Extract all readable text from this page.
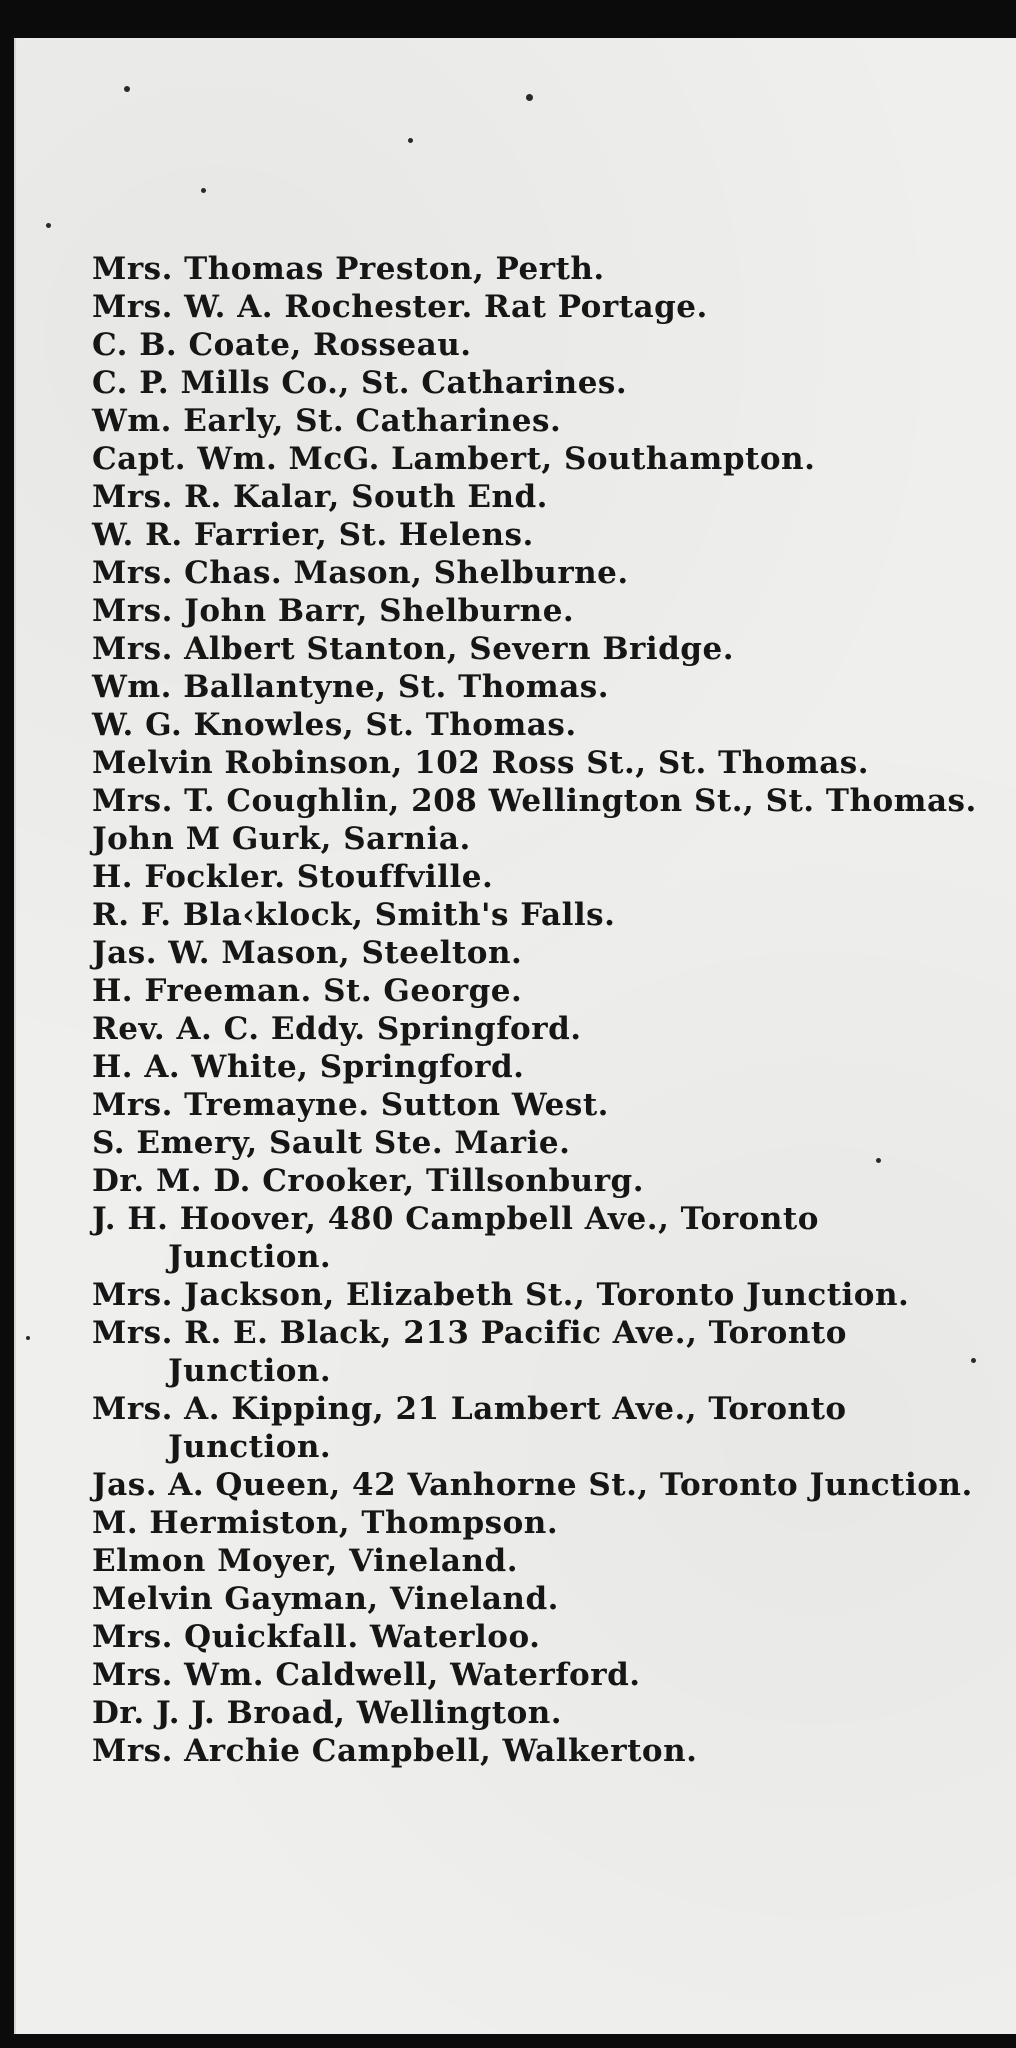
Mrs. Thomas Preston, Perth.
Mrs. W. A. Rochester. Rat Portage.
C. B. Coate, Rosseau.
C. P. Mills Co., St. Catharines.
Wm. Early, St. Catharines.
Capt. Wm. McG. Lambert, Southampton.
Mrs. R. Kalar, South End.
W. R. Farrier, St. Helens.
Mrs. Chas. Mason, Shelburne.
Mrs. John Barr, Shelburne.
Mrs. Albert Stanton, Severn Bridge.
Wm. Ballantyne, St. Thomas.
W. G. Knowles, St. Thomas.
Melvin Robinson, 102 Ross St., St. Thomas.
Mrs. T. Coughlin, 208 Wellington St., St. Thomas.
John M Gurk, Sarnia.
H. Fockler. Stouffville.
R. F. Bla‹klock, Smith's Falls.
Jas. W. Mason, Steelton.
H. Freeman. St. George.
Rev. A. C. Eddy. Springford.
H. A. White, Springford.
Mrs. Tremayne. Sutton West.
S. Emery, Sault Ste. Marie.
Dr. M. D. Crooker, Tillsonburg.
J. H. Hoover, 480 Campbell Ave., Toronto Junction.
Mrs. Jackson, Elizabeth St., Toronto Junction.
Mrs. R. E. Black, 213 Pacific Ave., Toronto Junction.
Mrs. A. Kipping, 21 Lambert Ave., Toronto Junction.
Jas. A. Queen, 42 Vanhorne St., Toronto Junction.
M. Hermiston, Thompson.
Elmon Moyer, Vineland.
Melvin Gayman, Vineland.
Mrs. Quickfall. Waterloo.
Mrs. Wm. Caldwell, Waterford.
Dr. J. J. Broad, Wellington.
Mrs. Archie Campbell, Walkerton.
